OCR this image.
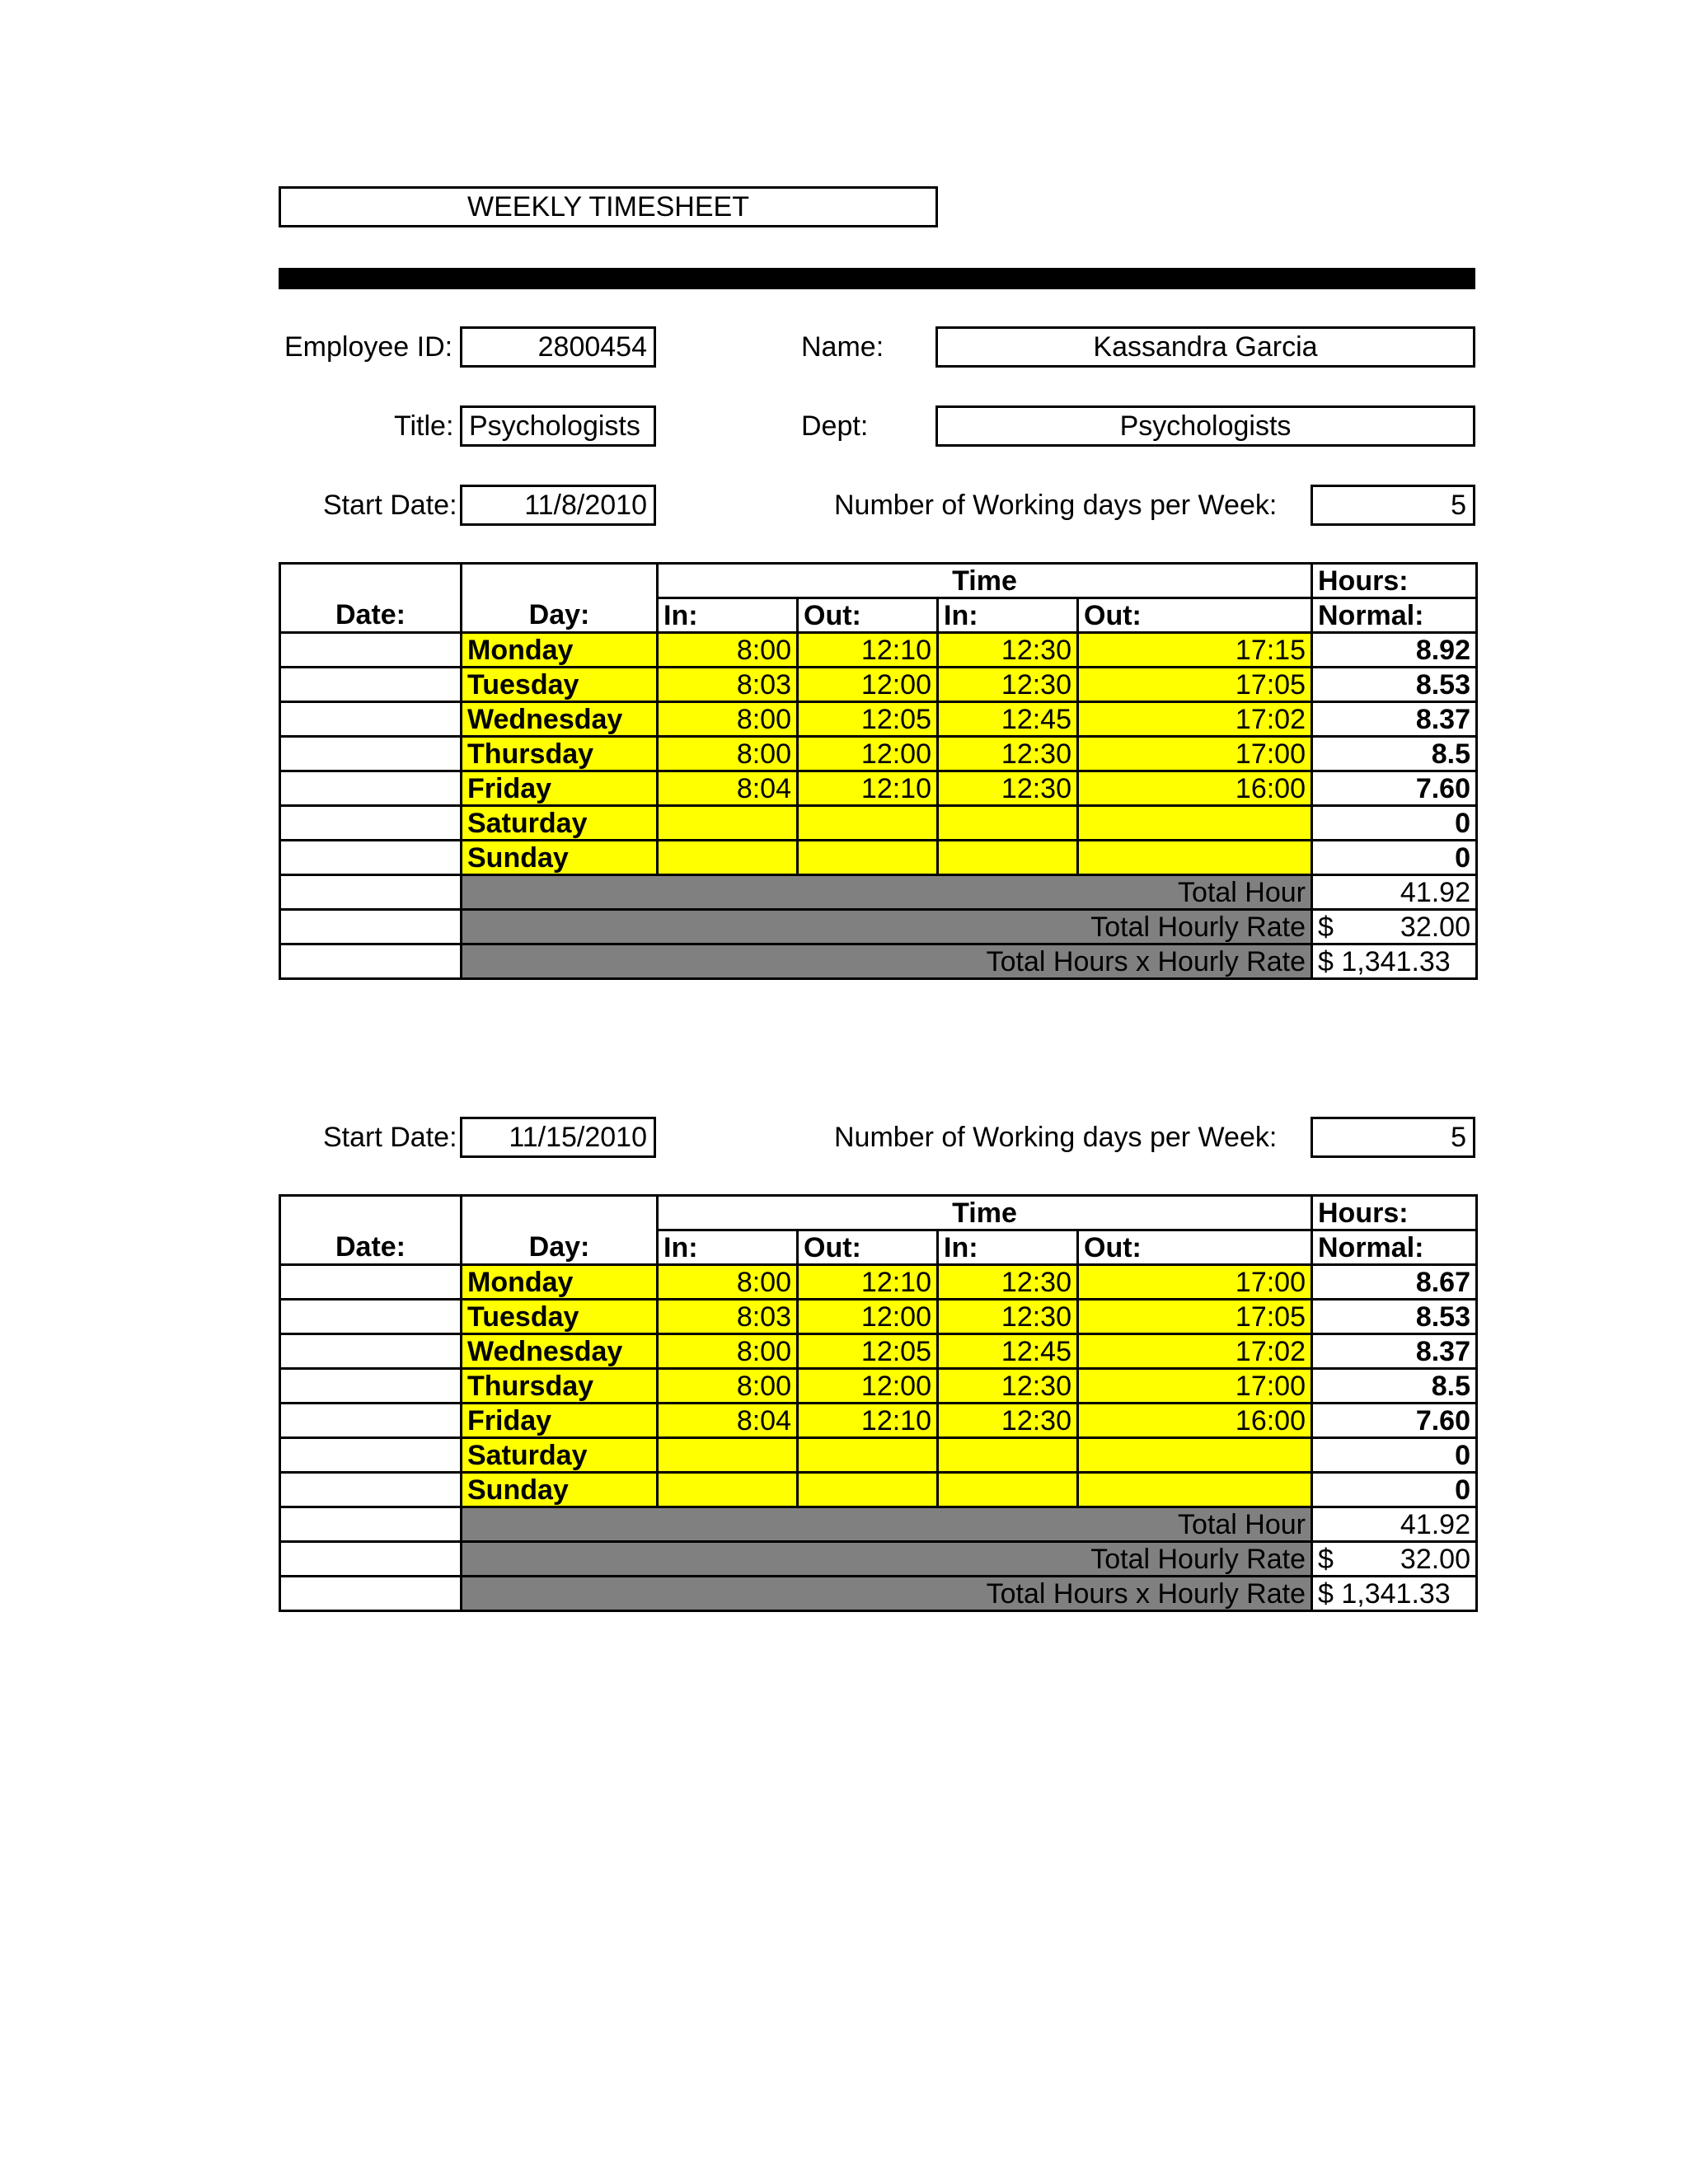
WEEKLY TIMESHEET
Employee ID:	2800454	Name:	Kassandra Garcia
Title: Psychologists	Dept:	Psychologists
Start Date:	11/8/2010	Number of Working days per Week:	5
		Time				Hours:
Date:	Day:	In:	Out:	In:	Out:	Normal:
	Monday	8:00	12:10	12:30	17:15	8.92
	Tuesday	8:03	12:00	12:30	17:05	8.53
	Wednesday	8:00	12:05	12:45	17:02	8.37
	Thursday	8:00	12:00	12:30	17:00	8.5
	Friday	8:04	12:10	12:30	16:00	7.60
	Saturday					0
	Sunday					0
	Total Hour					41.92
	Total Hourly Rate					$ 32.00

	Total Hours x Hourly Rate					$ 1,341.33
Start Date:	11/15/2010	Number of Working days per Week:	5
		Time				Hours:
Date:	Day:	In:	Out:	In:	Out:	Normal:
	Monday	8:00	12:10	12:30	17:00	8.67
	Tuesday	8:03	12:00	12:30	17:05	8.53
	Wednesday	8:00	12:05	12:45	17:02	8.37
	Thursday	8:00	12:00	12:30	17:00	8.5
	Friday	8:04	12:10	12:30	16:00	7.60
	Saturday					0
	Sunday					0
	Total Hour					41.92
	Total Hourly Rate					$ 32.00

	Total Hours x Hourly Rate					$ 1,341.33
